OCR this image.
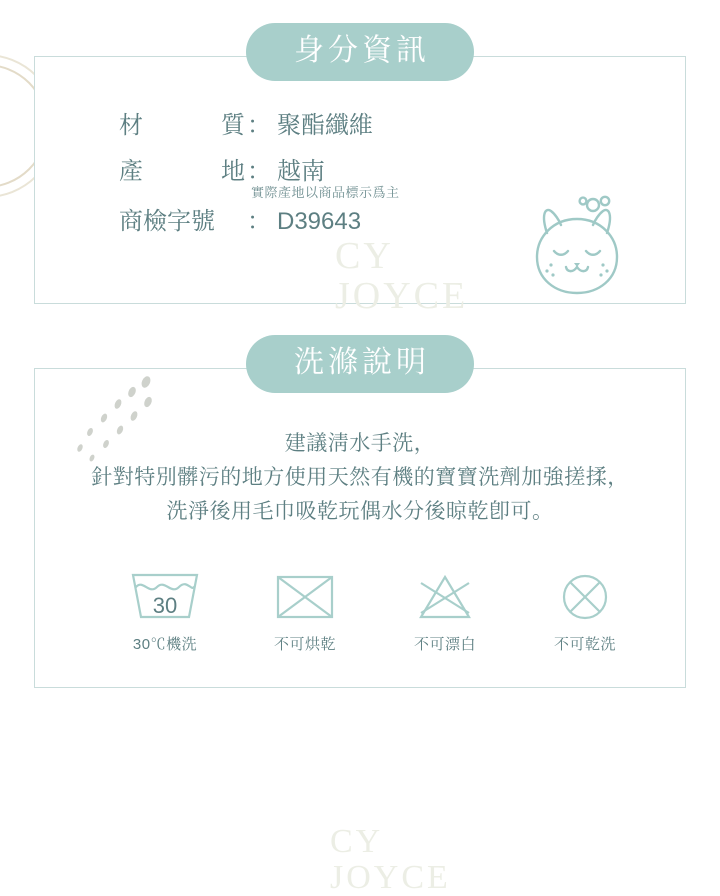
身分資訊
材	質 ： 聚酯纖維
產	地 ： 越南
實際產地以商品標示爲主
商檢字號	： D39643
CY
JOYCE
洗滌說明
建議淸水手洗，
針對特別髒污的地方使用天然有機的寶寶洗劑加強搓揉，
洗淨後用毛巾吸乾玩偶水分後晾乾卽可。
CY
JOYCE
30
30℃機洗	不可烘乾	不可漂白	不可乾洗
